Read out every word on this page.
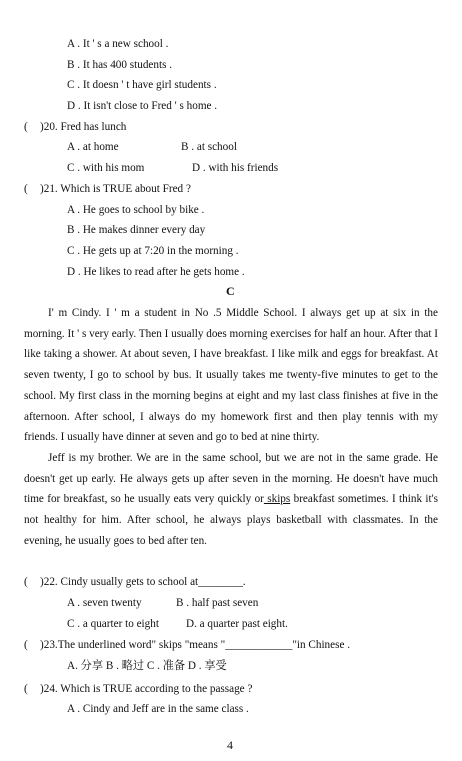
A . It ' s a new school .
B . It has 400 students .
C . It doesn ' t have girl students .
D . It isn't close to Fred ' s home .
( )20. Fred has lunch
A . at home	B . at school
C . with his mom	D . with his friends
( )21. Which is TRUE about Fred ?
A . He goes to school by bike .
B . He makes dinner every day
C . He gets up at 7:20 in the morning .
D . He likes to read after he gets home .
C

I' m Cindy. I ' m a student in No .5 Middle School. I always get up at six in the morning. It ' s very early. Then I usually does morning exercises for half an hour. After that I like taking a shower. At about seven, I have breakfast. I like milk and eggs for breakfast. At seven twenty, I go to school by bus. It usually takes me twenty-five minutes to get to the school. My first class in the morning begins at eight and my last class finishes at five in the afternoon. After school, I always do my homework first and then play tennis with my friends. I usually have dinner at seven and go to bed at nine thirty.

Jeff is my brother. We are in the same school, but we are not in the same grade. He doesn't get up early. He always gets up after seven in the morning. He doesn't have much time for breakfast, so he usually eats very quickly or skips breakfast sometimes. I think it's not healthy for him. After school, he always plays basketball with classmates. In the evening, he usually goes to bed after ten.

( )22. Cindy usually gets to school at________.
A . seven twenty	B . half past seven
C . a quarter to eight D. a quarter past eight.
( )23.The underlined word" skips "means "____________"in Chinese .
A. 分享 B . 略过 C . 准备 D . 享受
( )24. Which is TRUE according to the passage ?
A . Cindy and Jeff are in the same class .
4
